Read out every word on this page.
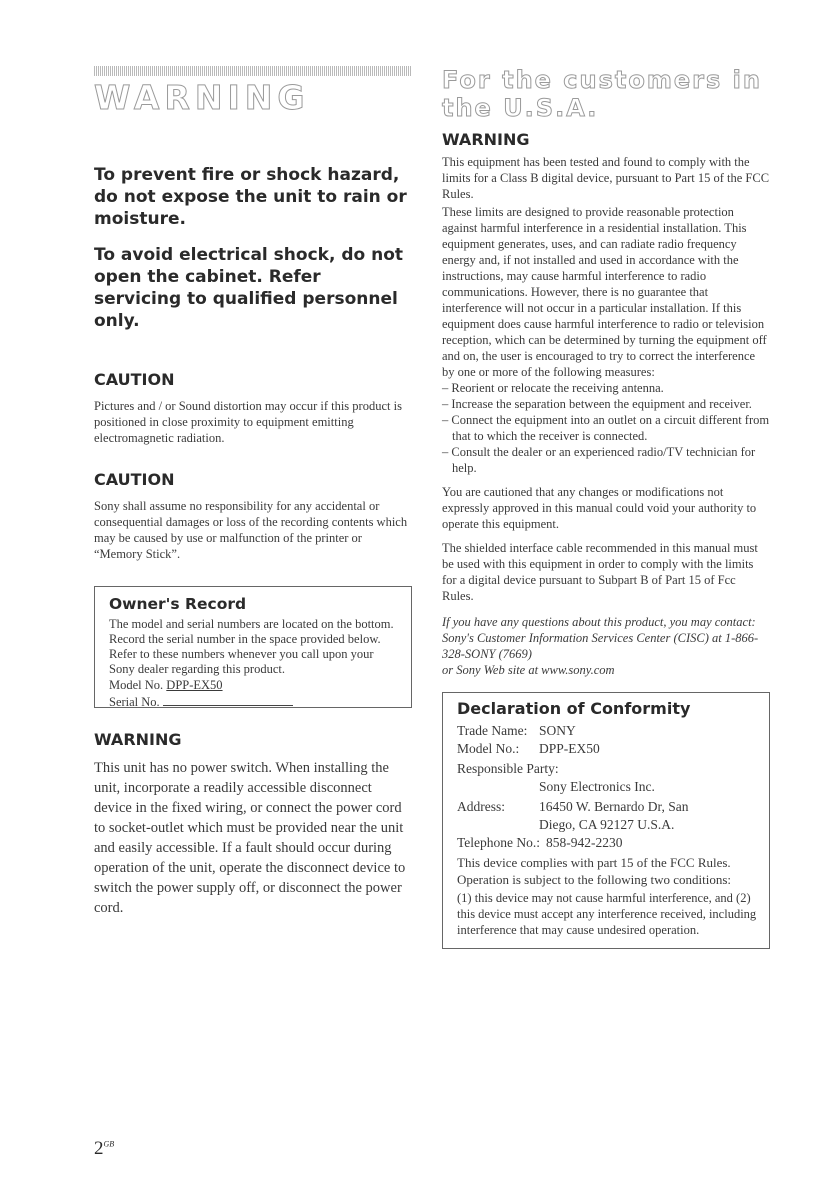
WARNING

To prevent fire or shock hazard, do not expose the unit to rain or moisture.

To avoid electrical shock, do not open the cabinet. Refer servicing to qualified personnel only.

CAUTION

Pictures and / or Sound distortion may occur if this product is positioned in close proximity to equipment emitting electromagnetic radiation.

CAUTION

Sony shall assume no responsibility for any accidental or consequential damages or loss of the recording contents which may be caused by use or malfunction of the printer or “Memory Stick”.

Owner's Record

The model and serial numbers are located on the bottom. Record the serial number in the space provided below. Refer to these numbers whenever you call upon your Sony dealer regarding this product.

Model No. DPP-EX50
Serial No.

WARNING

This unit has no power switch. When installing the unit, incorporate a readily accessible disconnect device in the fixed wiring, or connect the power cord to socket-outlet which must be provided near the unit and easily accessible. If a fault should occur during operation of the unit, operate the disconnect device to switch the power supply off, or disconnect the power cord.

For the customers in the U.S.A.

WARNING

This equipment has been tested and found to comply with the limits for a Class B digital device, pursuant to Part 15 of the FCC Rules.

These limits are designed to provide reasonable protection against harmful interference in a residential installation. This equipment generates, uses, and can radiate radio frequency energy and, if not installed and used in accordance with the instructions, may cause harmful interference to radio communications. However, there is no guarantee that interference will not occur in a particular installation. If this equipment does cause harmful interference to radio or television reception, which can be determined by turning the equipment off and on, the user is encouraged to try to correct the interference by one or more of the following measures:

– Reorient or relocate the receiving antenna.

– Increase the separation between the equipment and receiver.

– Connect the equipment into an outlet on a circuit different from that to which the receiver is connected.

– Consult the dealer or an experienced radio/TV technician for help.

You are cautioned that any changes or modifications not expressly approved in this manual could void your authority to operate this equipment.

The shielded interface cable recommended in this manual must be used with this equipment in order to comply with the limits for a digital device pursuant to Subpart B of Part 15 of Fcc Rules.

If you have any questions about this product, you may contact:

Sony's Customer Information Services Center (CISC) at 1-866-328-SONY (7669)

or Sony Web site at www.sony.com

Declaration of Conformity

Trade Name: SONY
Model No.:	DPP-EX50
Responsible Party:
Sony Electronics Inc.
Address:	16450 W. Bernardo Dr, San Diego, CA 92127 U.S.A.
Telephone No.: 858-942-2230

This device complies with part 15 of the FCC Rules. Operation is subject to the following two conditions:

(1) this device may not cause harmful interference, and (2) this device must accept any interference received, including interference that may cause undesired operation.

$2^{GB}$
